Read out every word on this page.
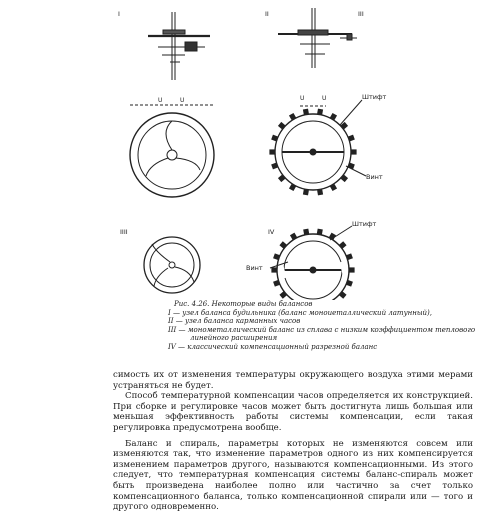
U	U	U	U
I	II	III
IIII	IV
Штифт
Винт
Штифт
Винт
Рис. 4.26. Некоторые виды балансов
I — узел баланса будильника (баланс моноиеталлический латунный),
II — узел баланса карманных часов
III — монометаллический баланс из сплава с низким коэффициентом теплового
линейного расширения
IV — классический компенсационный разрезной баланс

симость их от изменения температуры окружающего воздуха этими мерами устраняться не будет.

Способ температурной компенсации часов определяется их конструкцией. При сборке и регулировке часов может быть достигнута лишь большая или меньшая эффективность работы системы компенсации, если такая регулировка предусмотрена вообще.

Баланс и спираль, параметры которых не изменяются совсем или изменяются так, что изменение параметров одного из них компенсируется изменением параметров другого, называются компенсационными. Из этого следует, что температурная компенсация системы баланс-спираль может быть произведена наиболее полно или частично за счет только компенсационного баланса, только компенсационной спирали или — того и другого одновременно.
